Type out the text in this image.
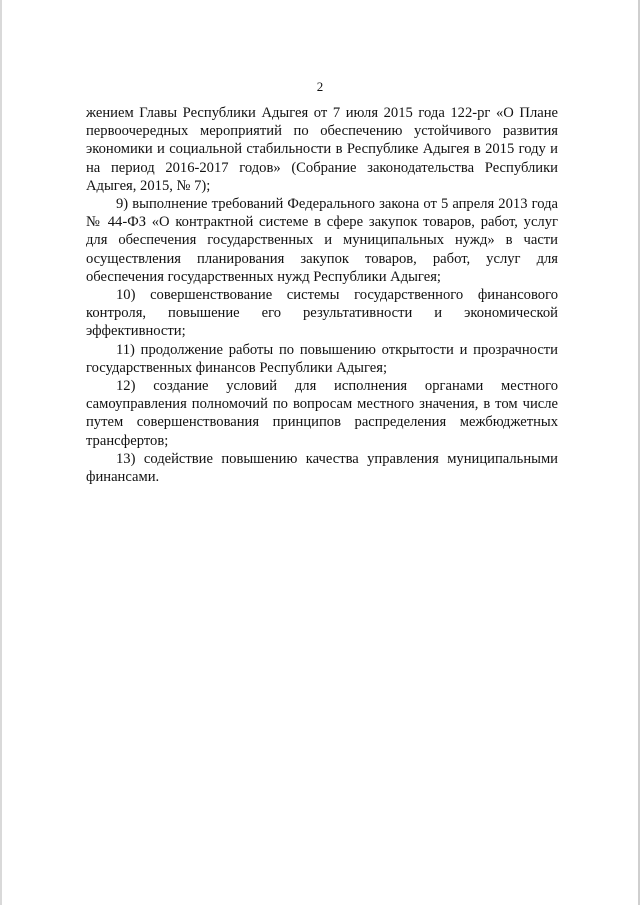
2

жением Главы Республики Адыгея от 7 июля 2015 года 122-рг «О Плане первоочередных мероприятий по обеспечению устойчивого развития экономики и социальной стабильности в Республике Адыгея в 2015 году и на период 2016-2017 годов» (Собрание законодательства Республики Адыгея, 2015, № 7);

9) выполнение требований Федерального закона от 5 апреля 2013 года № 44-ФЗ «О контрактной системе в сфере закупок товаров, работ, услуг для обеспечения государственных и муниципальных нужд» в части осуществления планирования закупок товаров, работ, услуг для обеспечения государственных нужд Республики Адыгея;

10) совершенствование системы государственного финансового контроля, повышение его результативности и экономической эффективности;

11) продолжение работы по повышению открытости и прозрачности государственных финансов Республики Адыгея;

12) создание условий для исполнения органами местного самоуправления полномочий по вопросам местного значения, в том числе путем совершенствования принципов распределения межбюджетных трансфертов;

13) содействие повышению качества управления муниципальными финансами.
